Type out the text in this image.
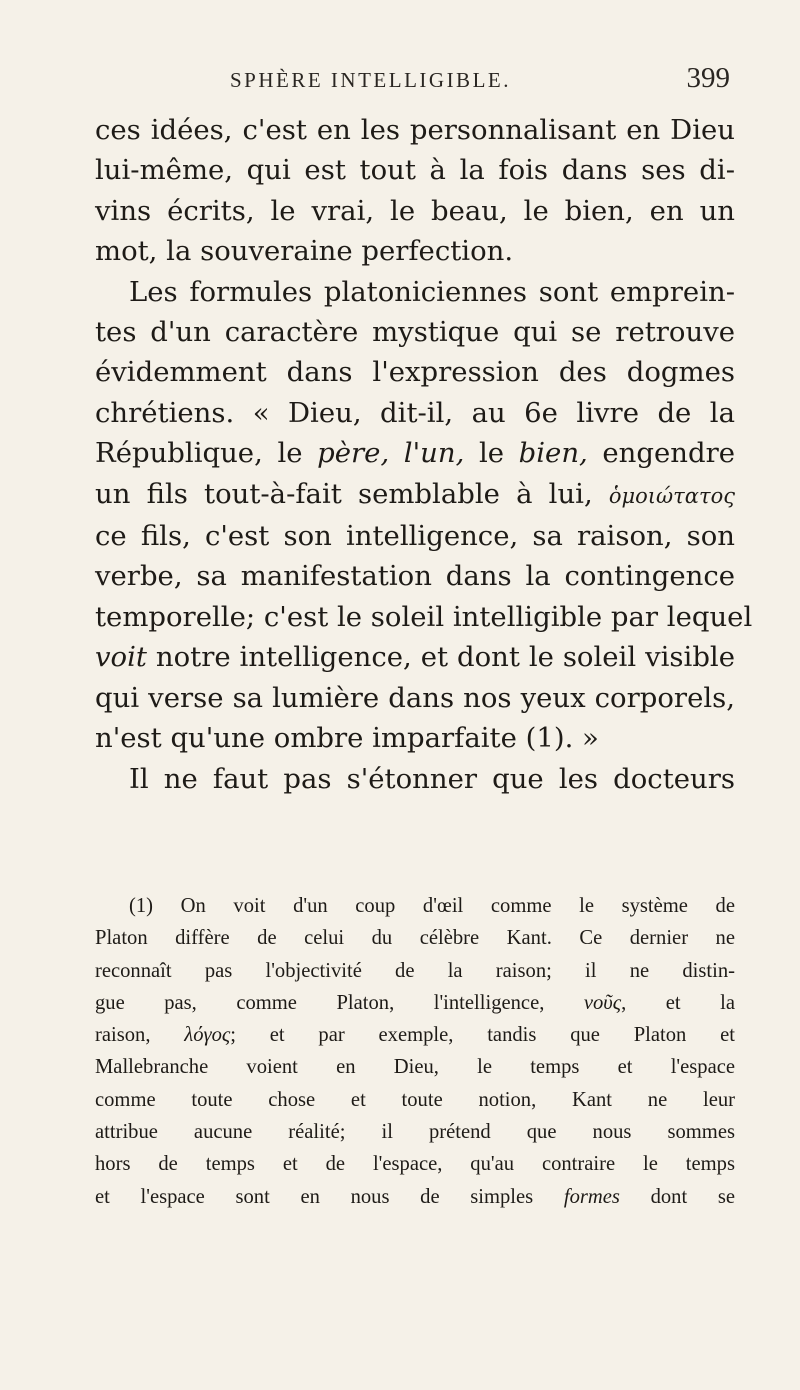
SPHÈRE INTELLIGIBLE.	399
ces idées, c'est en les personnalisant en Dieu
lui-même, qui est tout à la fois dans ses di-
vins écrits, le vrai, le beau, le bien, en un
mot, la souveraine perfection.
Les formules platoniciennes sont emprein-
tes d'un caractère mystique qui se retrouve
évidemment dans l'expression des dogmes
chrétiens. « Dieu, dit-il, au 6e livre de la
République, le père, l'un, le bien, engendre
un fils tout-à-fait semblable à lui, ὁμοιώτατος
ce fils, c'est son intelligence, sa raison, son
verbe, sa manifestation dans la contingence
temporelle; c'est le soleil intelligible par lequel
voit notre intelligence, et dont le soleil visible
qui verse sa lumière dans nos yeux corporels,
n'est qu'une ombre imparfaite (1). »
Il ne faut pas s'étonner que les docteurs
(1) On voit d'un coup d'œil comme le système de
Platon diffère de celui du célèbre Kant. Ce dernier ne
reconnaît pas l'objectivité de la raison; il ne distin-
gue pas, comme Platon, l'intelligence, νοῦς, et la
raison, λόγος; et par exemple, tandis que Platon et
Mallebranche voient en Dieu, le temps et l'espace
comme toute chose et toute notion, Kant ne leur
attribue aucune réalité; il prétend que nous sommes
hors de temps et de l'espace, qu'au contraire le temps
et l'espace sont en nous de simples formes dont se
